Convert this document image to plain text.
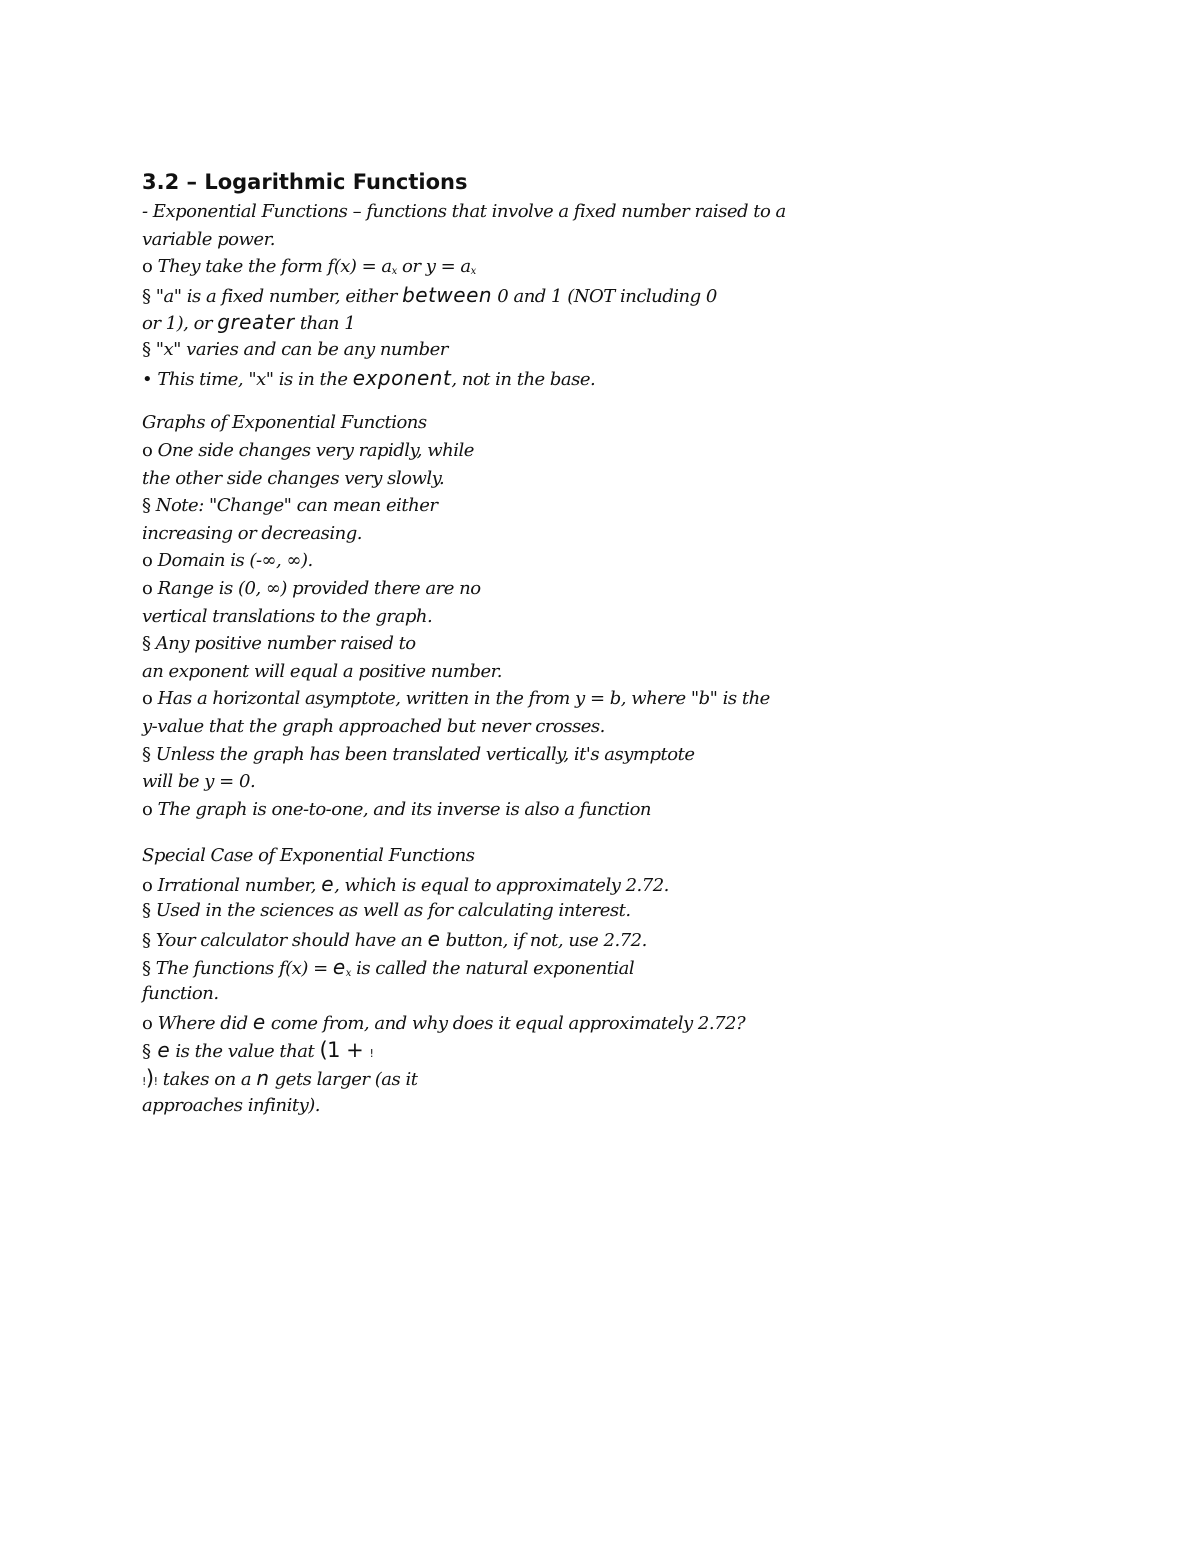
3.2 – Logarithmic Functions
- Exponential Functions – functions that involve a fixed number raised to a
variable power.
o They take the form $f(x) = a_x$ or $y = a_x$
§ "a" is a fixed number, either between 0 and 1 (NOT including 0
or 1), or greater than 1
§ "x" varies and can be any number
• This time, "x" is in the exponent, not in the base.
Graphs of Exponential Functions
o One side changes very rapidly, while
the other side changes very slowly.
§ Note: "Change" can mean either
increasing or decreasing.
o Domain is (-∞, ∞).
o Range is (0, ∞) provided there are no
vertical translations to the graph.
§ Any positive number raised to
an exponent will equal a positive number.
o Has a horizontal asymptote, written in the from y = b, where "b" is the
y-value that the graph approached but never crosses.
§ Unless the graph has been translated vertically, it's asymptote
will be y = 0.
o The graph is one-to-one, and its inverse is also a function
Special Case of Exponential Functions
o Irrational number, e, which is equal to approximately 2.72.
§ Used in the sciences as well as for calculating interest.
§ Your calculator should have an e button, if not, use 2.72.
§ The functions $f(x) = e_x$ is called the natural exponential
function.
o Where did e come from, and why does it equal approximately 2.72?
§ e is the value that (1 + !
!)! takes on a n gets larger (as it
approaches infinity).
